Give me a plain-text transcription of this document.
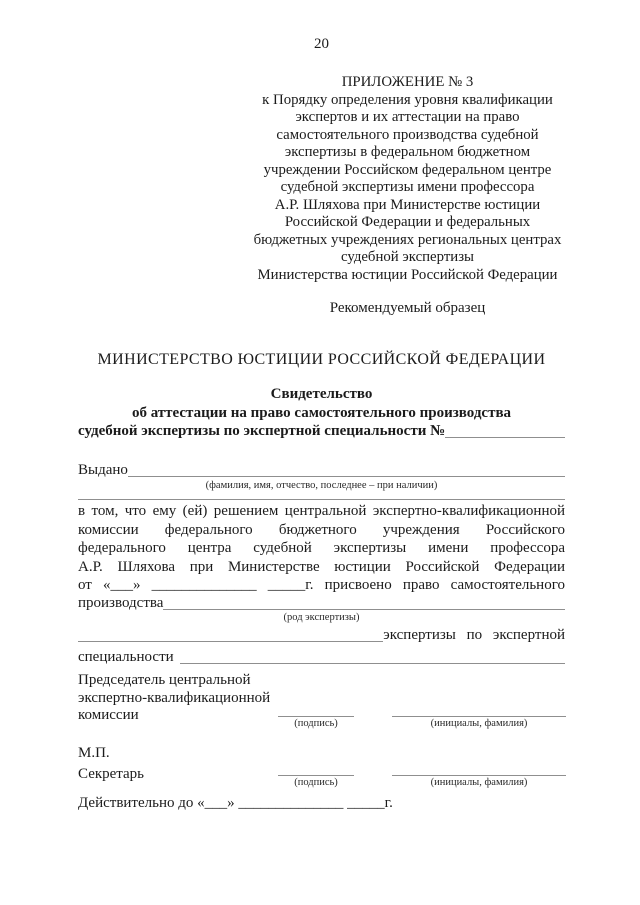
20
ПРИЛОЖЕНИЕ № 3
к Порядку определения уровня квалификации
экспертов и их аттестации на право
самостоятельного производства судебной
экспертизы в федеральном бюджетном
учреждении Российском федеральном центре
судебной экспертизы имени профессора
А.Р. Шляхова при Министерстве юстиции
Российской Федерации и федеральных
бюджетных учреждениях региональных центрах
судебной экспертизы
Министерства юстиции Российской Федерации
Рекомендуемый образец
МИНИСТЕРСТВО ЮСТИЦИИ РОССИЙСКОЙ ФЕДЕРАЦИИ
Свидетельство
об аттестации на право самостоятельного производства
судебной экспертизы по экспертной специальности №
Выдано
(фамилия, имя, отчество, последнее – при наличии)
в том, что ему (ей) решением центральной экспертно-квалификационной
комиссии федерального бюджетного учреждения Российского
федерального центра судебной экспертизы имени профессора
А.Р. Шляхова при Министерстве юстиции Российской Федерации
от «___» ______________ _____г. присвоено право самостоятельного
производства
(род экспертизы)
экспертизы по экспертной
специальности
Председатель центральной
экспертно-квалификационной
комиссии
(подпись)	(инициалы, фамилия)
М.П.
Секретарь
(подпись)	(инициалы, фамилия)
Действительно до «___» ______________ _____г.
